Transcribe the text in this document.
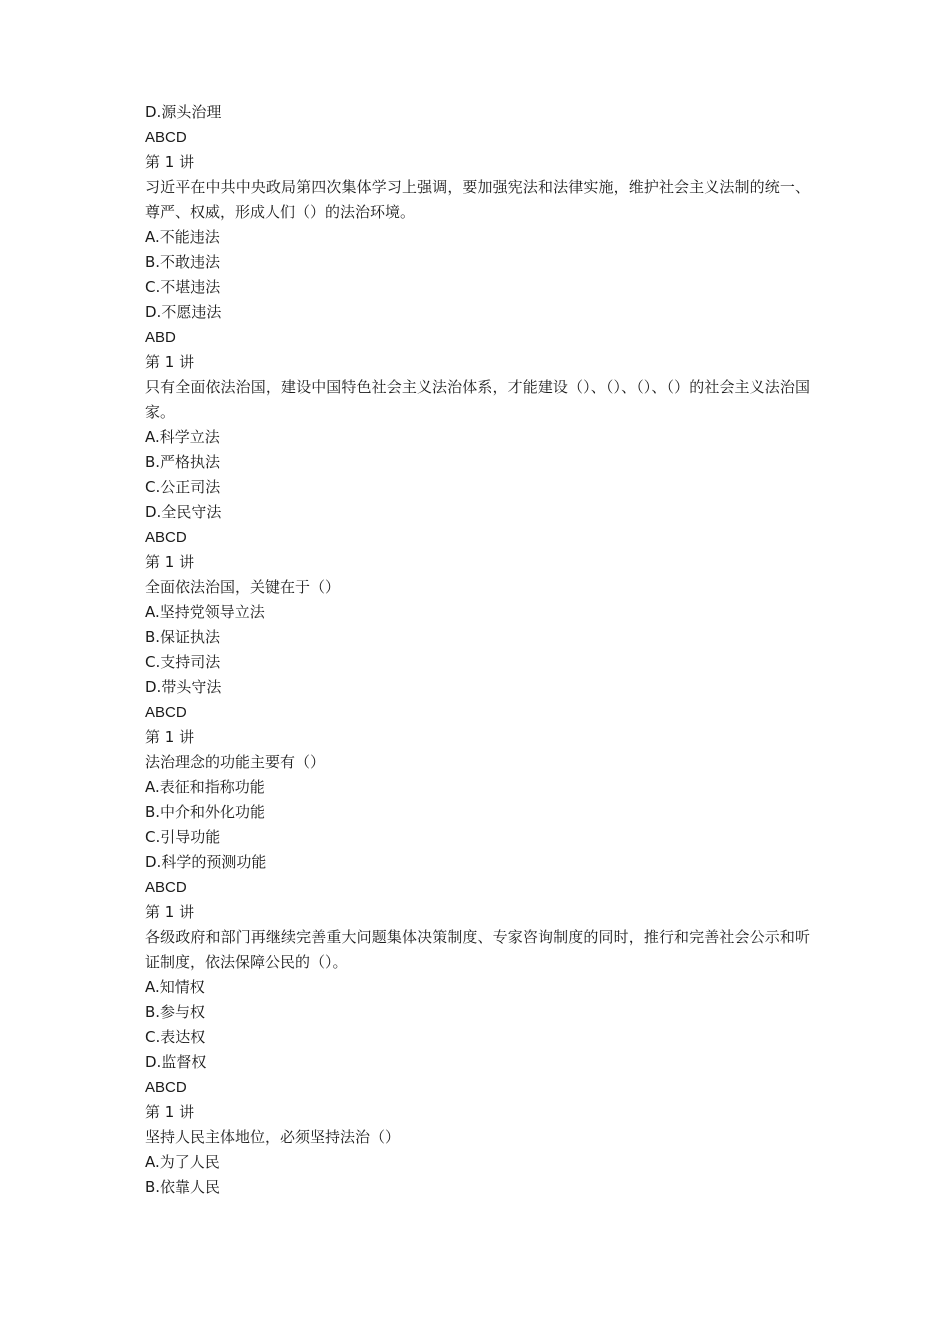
D.源头治理
ABCD
第 1 讲
习近平在中共中央政局第四次集体学习上强调，要加强宪法和法律实施，维护社会主义法制的统一、尊严、权威，形成人们（）的法治环境。
A.不能违法
B.不敢违法
C.不堪违法
D.不愿违法
ABD
第 1 讲
只有全面依法治国，建设中国特色社会主义法治体系，才能建设（）、（）、（）、（）的社会主义法治国家。
A.科学立法
B.严格执法
C.公正司法
D.全民守法
ABCD
第 1 讲
全面依法治国，关键在于（）
A.坚持党领导立法
B.保证执法
C.支持司法
D.带头守法
ABCD
第 1 讲
法治理念的功能主要有（）
A.表征和指称功能
B.中介和外化功能
C.引导功能
D.科学的预测功能
ABCD
第 1 讲
各级政府和部门再继续完善重大问题集体决策制度、专家咨询制度的同时，推行和完善社会公示和听证制度，依法保障公民的（）。
A.知情权
B.参与权
C.表达权
D.监督权
ABCD
第 1 讲
坚持人民主体地位，必须坚持法治（）
A.为了人民
B.依靠人民
